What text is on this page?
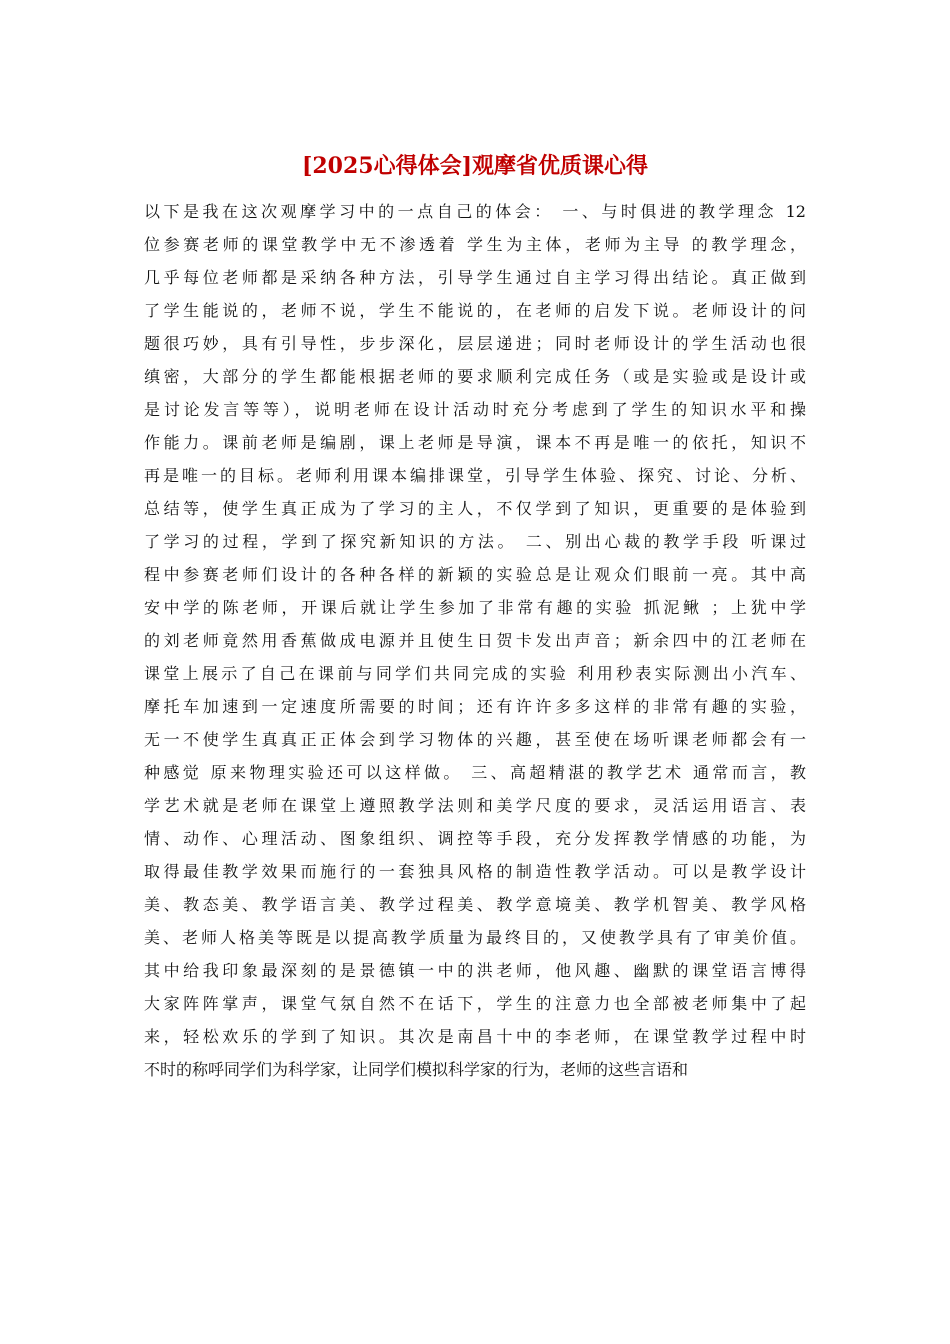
[2025心得体会]观摩省优质课心得
以下是我在这次观摩学习中的一点自己的体会： 一、与时俱进的教学理念 12
位参赛老师的课堂教学中无不渗透着 学生为主体，老师为主导 的教学理念，
几乎每位老师都是采纳各种方法，引导学生通过自主学习得出结论。真正做到
了学生能说的，老师不说，学生不能说的，在老师的启发下说。老师设计的问
题很巧妙，具有引导性，步步深化，层层递进；同时老师设计的学生活动也很
缜密，大部分的学生都能根据老师的要求顺利完成任务（或是实验或是设计或
是讨论发言等等），说明老师在设计活动时充分考虑到了学生的知识水平和操
作能力。课前老师是编剧，课上老师是导演，课本不再是唯一的依托，知识不
再是唯一的目标。老师利用课本编排课堂，引导学生体验、探究、讨论、分析、
总结等，使学生真正成为了学习的主人，不仅学到了知识，更重要的是体验到
了学习的过程，学到了探究新知识的方法。 二、别出心裁的教学手段 听课过
程中参赛老师们设计的各种各样的新颖的实验总是让观众们眼前一亮。其中高
安中学的陈老师，开课后就让学生参加了非常有趣的实验 抓泥鳅 ；上犹中学
的刘老师竟然用香蕉做成电源并且使生日贺卡发出声音；新余四中的江老师在
课堂上展示了自己在课前与同学们共同完成的实验 利用秒表实际测出小汽车、
摩托车加速到一定速度所需要的时间；还有许许多多这样的非常有趣的实验，
无一不使学生真真正正体会到学习物体的兴趣，甚至使在场听课老师都会有一
种感觉 原来物理实验还可以这样做。 三、高超精湛的教学艺术 通常而言，教
学艺术就是老师在课堂上遵照教学法则和美学尺度的要求，灵活运用语言、表
情、动作、心理活动、图象组织、调控等手段，充分发挥教学情感的功能，为
取得最佳教学效果而施行的一套独具风格的制造性教学活动。可以是教学设计
美、教态美、教学语言美、教学过程美、教学意境美、教学机智美、教学风格
美、老师人格美等既是以提高教学质量为最终目的，又使教学具有了审美价值。
其中给我印象最深刻的是景德镇一中的洪老师，他风趣、幽默的课堂语言博得
大家阵阵掌声，课堂气氛自然不在话下，学生的注意力也全部被老师集中了起
来，轻松欢乐的学到了知识。其次是南昌十中的李老师，在课堂教学过程中时
不时的称呼同学们为科学家，让同学们模拟科学家的行为，老师的这些言语和
